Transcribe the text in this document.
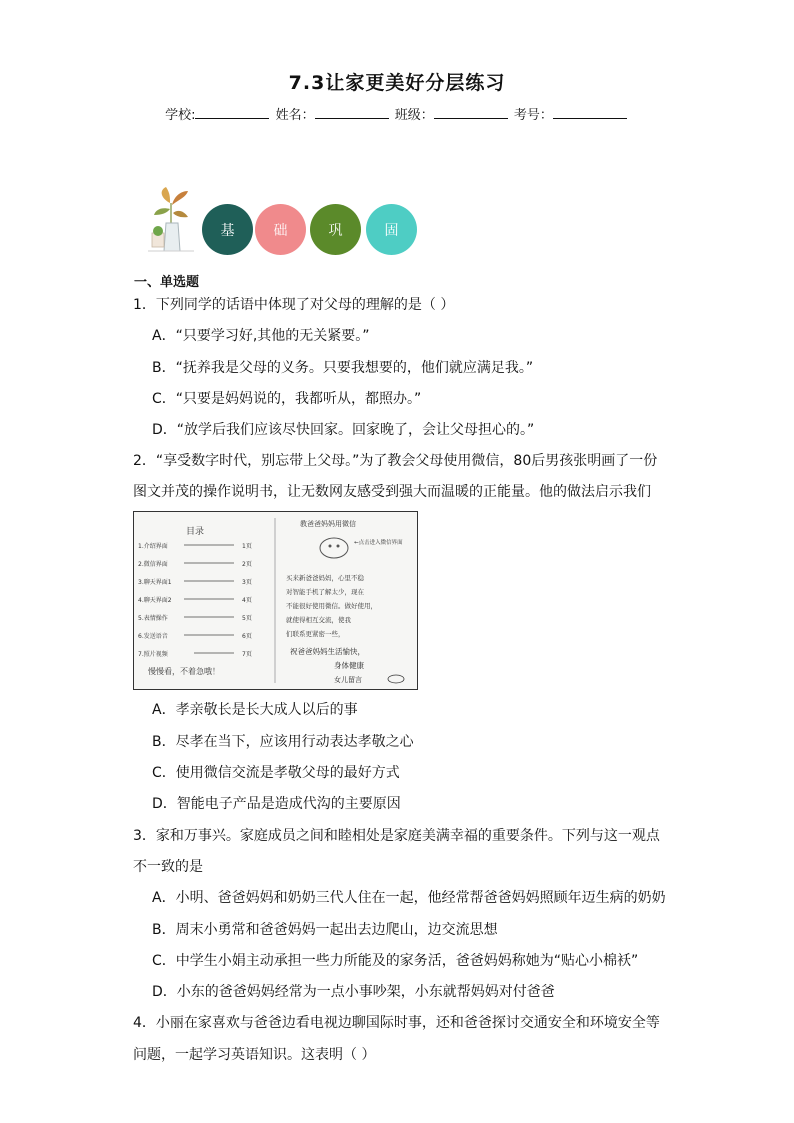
7.3让家更美好分层练习
学校:	姓名：	班级：	考号：
基	础	巩	固
一、单选题
1．下列同学的话语中体现了对父母的理解的是（ ）
A．“只要学习好,其他的无关紧要。”
B．“抚养我是父母的义务。只要我想要的，他们就应满足我。”
C．“只要是妈妈说的，我都听从，都照办。”
D．“放学后我们应该尽快回家。回家晚了，会让父母担心的。”
2．“享受数字时代，别忘带上父母。”为了教会父母使用微信，80后男孩张明画了一份
图文并茂的操作说明书，让无数网友感受到强大而温暖的正能量。他的做法启示我们
目录
1.介绍界面	1页
2.微信界面	2页
3.聊天界面1	3页
4.聊天界面2	4页
5.表情操作	5页
6.发送语音	6页
7.照片视频	7页
慢慢看，不着急哦！
教爸爸妈妈用微信
←点击进入微信界面
买来新爸爸妈妈，心里不稳
对智能手机了解太少，现在
不能很好使用微信。做好使用，
就使得相互交流，使我
们联系更紧密一些，
祝爸爸妈妈生活愉快，
身体健康
女儿留言
A．孝亲敬长是长大成人以后的事
B．尽孝在当下，应该用行动表达孝敬之心
C．使用微信交流是孝敬父母的最好方式
D．智能电子产品是造成代沟的主要原因
3．家和万事兴。家庭成员之间和睦相处是家庭美满幸福的重要条件。下列与这一观点
不一致的是
A．小明、爸爸妈妈和奶奶三代人住在一起，他经常帮爸爸妈妈照顾年迈生病的奶奶
B．周末小勇常和爸爸妈妈一起出去边爬山，边交流思想
C．中学生小娟主动承担一些力所能及的家务活，爸爸妈妈称她为“贴心小棉袄”
D．小东的爸爸妈妈经常为一点小事吵架，小东就帮妈妈对付爸爸
4．小丽在家喜欢与爸爸边看电视边聊国际时事，还和爸爸探讨交通安全和环境安全等
问题，一起学习英语知识。这表明（ ）
